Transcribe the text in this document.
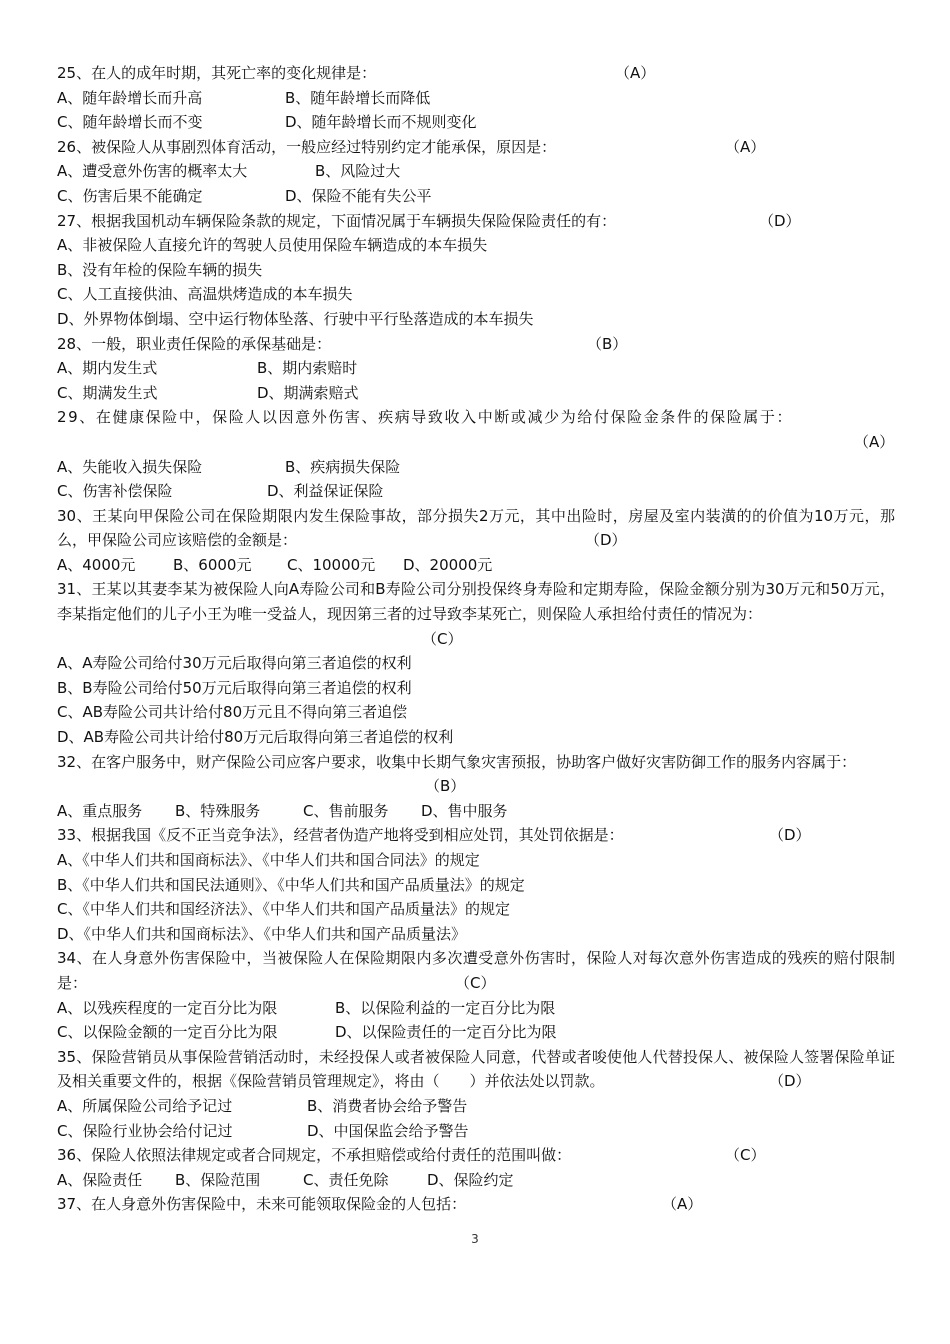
25、在人的成年时期，其死亡率的变化规律是：	（A）
A、随年龄增长而升高	B、随年龄增长而降低
C、随年龄增长而不变	D、随年龄增长而不规则变化
26、被保险人从事剧烈体育活动，一般应经过特别约定才能承保，原因是：	（A）
A、遭受意外伤害的概率太大	B、风险过大
C、伤害后果不能确定	D、保险不能有失公平
27、根据我国机动车辆保险条款的规定，下面情况属于车辆损失保险保险责任的有：	（D）
A、非被保险人直接允许的驾驶人员使用保险车辆造成的本车损失
B、没有年检的保险车辆的损失
C、人工直接供油、高温烘烤造成的本车损失
D、外界物体倒塌、空中运行物体坠落、行驶中平行坠落造成的本车损失
28、一般，职业责任保险的承保基础是：	（B）
A、期内发生式	B、期内索赔时
C、期满发生式	D、期满索赔式
29、在健康保险中，保险人以因意外伤害、疾病导致收入中断或减少为给付保险金条件的保险属于：
（A）
A、失能收入损失保险	B、疾病损失保险
C、伤害补偿保险	D、利益保证保险
30、王某向甲保险公司在保险期限内发生保险事故，部分损失2万元，其中出险时，房屋及室内装潢的的价值为10万元，那么，甲保险公司应该赔偿的金额是：	（D）
A、4000元	B、6000元 C、10000元 D、20000元
31、王某以其妻李某为被保险人向A寿险公司和B寿险公司分别投保终身寿险和定期寿险，保险金额分别为30万元和50万元，李某指定他们的儿子小王为唯一受益人，现因第三者的过导致李某死亡，则保险人承担给付责任的情况为：
（C）
A、A寿险公司给付30万元后取得向第三者追偿的权利
B、B寿险公司给付50万元后取得向第三者追偿的权利
C、AB寿险公司共计给付80万元且不得向第三者追偿
D、AB寿险公司共计给付80万元后取得向第三者追偿的权利
32、在客户服务中，财产保险公司应客户要求，收集中长期气象灾害预报，协助客户做好灾害防御工作的服务内容属于：
（B）
A、重点服务 B、特殊服务	C、售前服务 D、售中服务
33、根据我国《反不正当竞争法》，经营者伪造产地将受到相应处罚，其处罚依据是：	（D）
A、《中华人们共和国商标法》、《中华人们共和国合同法》的规定
B、《中华人们共和国民法通则》、《中华人们共和国产品质量法》的规定
C、《中华人们共和国经济法》、《中华人们共和国产品质量法》的规定
D、《中华人们共和国商标法》、《中华人们共和国产品质量法》
34、在人身意外伤害保险中，当被保险人在保险期限内多次遭受意外伤害时，保险人对每次意外伤害造成的残疾的赔付限制是：	（C）
A、以残疾程度的一定百分比为限	B、以保险利益的一定百分比为限
C、以保险金额的一定百分比为限	D、以保险责任的一定百分比为限
35、保险营销员从事保险营销活动时，未经投保人或者被保险人同意，代替或者唆使他人代替投保人、被保险人签署保险单证及相关重要文件的，根据《保险营销员管理规定》，将由（　　）并依法处以罚款。	（D）
A、所属保险公司给予记过	B、消费者协会给予警告
C、保险行业协会给付记过	D、中国保监会给予警告
36、保险人依照法律规定或者合同规定，不承担赔偿或给付责任的范围叫做：	（C）
A、保险责任 B、保险范围	C、责任免除	D、保险约定
37、在人身意外伤害保险中，未来可能领取保险金的人包括：	（A）
3
